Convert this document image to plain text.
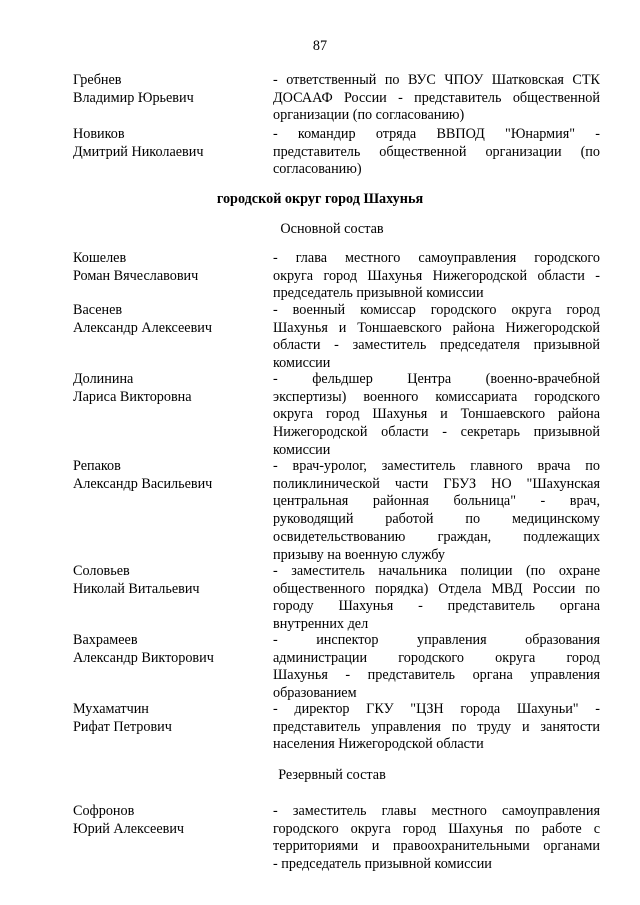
87
Гребнев
Владимир Юрьевич
- ответственный по ВУС ЧПОУ Шатковская СТК
ДОСААФ России - представитель общественной
организации (по согласованию)
Новиков
Дмитрий Николаевич
- командир отряда ВВПОД "Юнармия" -
представитель общественной организации (по
согласованию)
городской округ город Шахунья
Основной состав
Кошелев
Роман Вячеславович
- глава местного самоуправления городского
округа город Шахунья Нижегородской области -
председатель призывной комиссии
Васенев
Александр Алексеевич
- военный комиссар городского округа город
Шахунья и Тоншаевского района Нижегородской
области - заместитель председателя призывной
комиссии
Долинина
Лариса Викторовна
- фельдшер Центра (военно-врачебной
экспертизы) военного комиссариата городского
округа город Шахунья и Тоншаевского района
Нижегородской области - секретарь призывной
комиссии
Репаков
Александр Васильевич
- врач-уролог, заместитель главного врача по
поликлинической части ГБУЗ НО "Шахунская
центральная районная больница" - врач,
руководящий работой по медицинскому
освидетельствованию граждан, подлежащих
призыву на военную службу
Соловьев
Николай Витальевич
- заместитель начальника полиции (по охране
общественного порядка) Отдела МВД России по
городу Шахунья - представитель органа
внутренних дел
Вахрамеев
Александр Викторович
- инспектор управления образования
администрации городского округа город
Шахунья - представитель органа управления
образованием
Мухаматчин
Рифат Петрович
- директор ГКУ "ЦЗН города Шахуньи" -
представитель управления по труду и занятости
населения Нижегородской области
Резервный состав
Софронов
Юрий Алексеевич
- заместитель главы местного самоуправления
городского округа город Шахунья по работе с
территориями и правоохранительными органами
- председатель призывной комиссии
